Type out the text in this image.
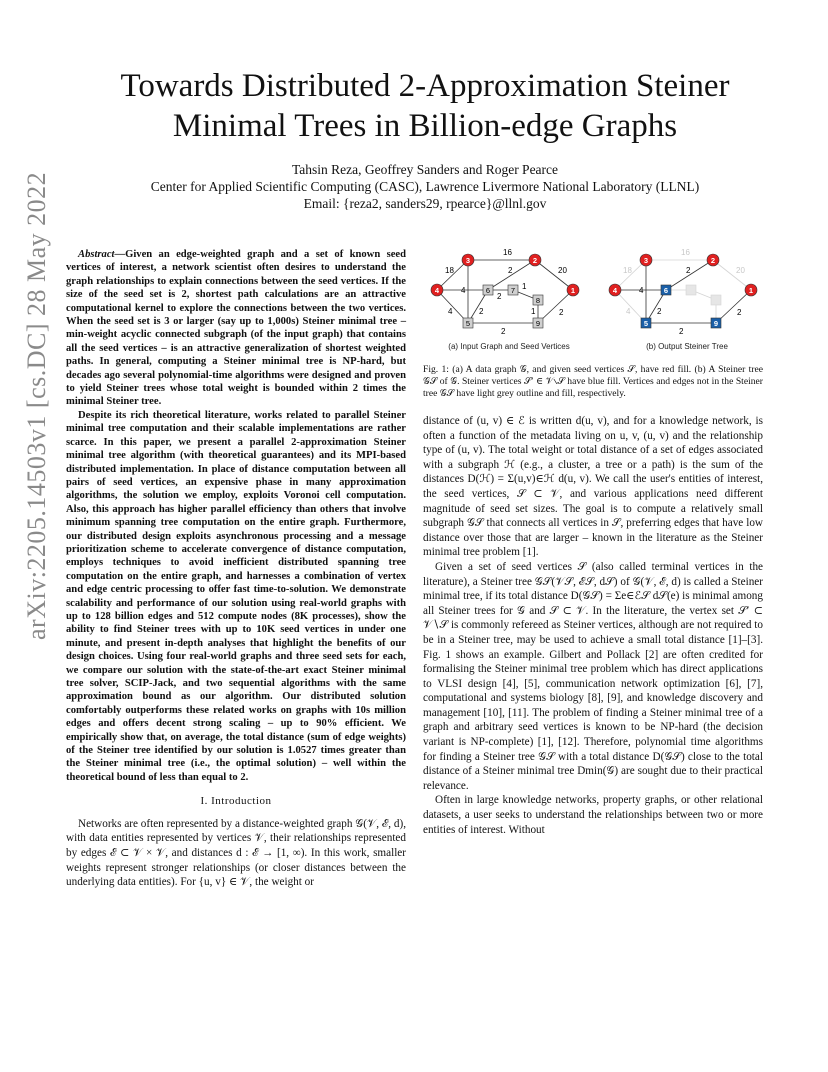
arXiv:2205.14503v1 [cs.DC] 28 May 2022
Towards Distributed 2-Approximation Steiner
Minimal Trees in Billion-edge Graphs
Tahsin Reza, Geoffrey Sanders and Roger Pearce
Center for Applied Scientific Computing (CASC), Lawrence Livermore National Laboratory (LLNL)
Email: {reza2, sanders29, rpearce}@llnl.gov

Abstract—Given an edge-weighted graph and a set of known seed vertices of interest, a network scientist often desires to understand the graph relationships to explain connections between the seed vertices. If the size of the seed set is 2, shortest path calculations are an attractive computational kernel to explore the connections between the two vertices. When the seed set is 3 or larger (say up to 1,000s) Steiner minimal tree – min-weight acyclic connected subgraph (of the input graph) that contains all the seed vertices – is an attractive generalization of shortest weighted paths. In general, computing a Steiner minimal tree is NP-hard, but decades ago several polynomial-time algorithms were designed and proven to yield Steiner trees whose total weight is bounded within 2 times the minimal Steiner tree.

Despite its rich theoretical literature, works related to parallel Steiner minimal tree computation and their scalable implementations are rather scarce. In this paper, we present a parallel 2-approximation Steiner minimal tree algorithm (with theoretical guarantees) and its MPI-based distributed implementation. In place of distance computation between all pairs of seed vertices, an expensive phase in many approximation algorithms, the solution we employ, exploits Voronoi cell computation. Also, this approach has higher parallel efficiency than others that involve minimum spanning tree computation on the entire graph. Furthermore, our distributed design exploits asynchronous processing and a message prioritization scheme to accelerate convergence of distance computation, employs techniques to avoid inefficient distributed spanning tree computation on the entire graph, and harnesses a combination of vertex and edge centric processing to offer fast time-to-solution. We demonstrate scalability and performance of our solution using real-world graphs with up to 128 billion edges and 512 compute nodes (8K processes), show the ability to find Steiner trees with up to 10K seed vertices in under one minute, and present in-depth analyses that highlight the benefits of our design choices. Using four real-world graphs and three seed sets for each, we compare our solution with the state-of-the-art exact Steiner minimal tree solver, SCIP-Jack, and two sequential algorithms with the same approximation bound as our algorithm. Our distributed solution comfortably outperforms these related works on graphs with 10s million edges and offers decent strong scaling – up to 90% efficient. We empirically show that, on average, the total distance (sum of edge weights) of the Steiner tree identified by our solution is 1.0527 times greater than the Steiner minimal tree (i.e., the optimal solution) – well within the theoretical bound of less than equal to 2.

I. Introduction

Networks are often represented by a distance-weighted graph 𝒢(𝒱, ℰ, d), with data entities represented by vertices 𝒱, their relationships represented by edges ℰ ⊂ 𝒱 × 𝒱, and distances d : ℰ → [1, ∞). In this work, smaller weights represent stronger relationships (or closer distances between the underlying data entities). For {u, v} ∈ 𝒱, the weight or

3	2
4	1
6	7
8
5	9
16
18	20
4
2
2
1
1
4	2
2
2
(a) Input Graph and Seed Vertices
3	2
4	1
6
5	9
16
18	20
4
2
2
2
2
4
(b) Output Steiner Tree
Fig. 1: (a) A data graph 𝒢, and given seed vertices 𝒮, have red fill. (b) A Steiner tree 𝒢𝒮 of 𝒢. Steiner vertices 𝒮′ ∈ 𝒱∖𝒮 have blue fill. Vertices and edges not in the Steiner tree 𝒢𝒮 have light grey outline and fill, respectively.

distance of (u, v) ∈ ℰ is written d(u, v), and for a knowledge network, is often a function of the metadata living on u, v, (u, v) and the relationship type of (u, v). The total weight or total distance of a set of edges associated with a subgraph ℋ (e.g., a cluster, a tree or a path) is the sum of the distances D(ℋ) = Σ(u,v)∈ℋ d(u, v). We call the user's entities of interest, the seed vertices, 𝒮 ⊂ 𝒱, and various applications need different magnitude of seed set sizes. The goal is to compute a relatively small subgraph 𝒢𝒮 that connects all vertices in 𝒮, preferring edges that have low distance over those that are larger – known in the literature as the Steiner minimal tree problem [1].

Given a set of seed vertices 𝒮 (also called terminal vertices in the literature), a Steiner tree 𝒢𝒮(𝒱𝒮, ℰ𝒮, d𝒮) of 𝒢(𝒱, ℰ, d) is called a Steiner minimal tree, if its total distance D(𝒢𝒮) = Σe∈ℰ𝒮 d𝒮(e) is minimal among all Steiner trees for 𝒢 and 𝒮 ⊂ 𝒱. In the literature, the vertex set 𝒮′ ⊂ 𝒱∖𝒮 is commonly refereed as Steiner vertices, although are not required to be in a Steiner tree, may be used to achieve a small total distance [1]–[3]. Fig. 1 shows an example. Gilbert and Pollack [2] are often credited for formalising the Steiner minimal tree problem which has direct applications to VLSI design [4], [5], communication network optimization [6], [7], computational and systems biology [8], [9], and knowledge discovery and management [10], [11]. The problem of finding a Steiner minimal tree of a graph and arbitrary seed vertices is known to be NP-hard (the decision variant is NP-complete) [1], [12]. Therefore, polynomial time algorithms for finding a Steiner tree 𝒢𝒮 with a total distance D(𝒢𝒮) close to the total distance of a Steiner minimal tree Dmin(𝒢) are sought due to their practical relevance.

Often in large knowledge networks, property graphs, or other relational datasets, a user seeks to understand the relationships between two or more entities of interest. Without
